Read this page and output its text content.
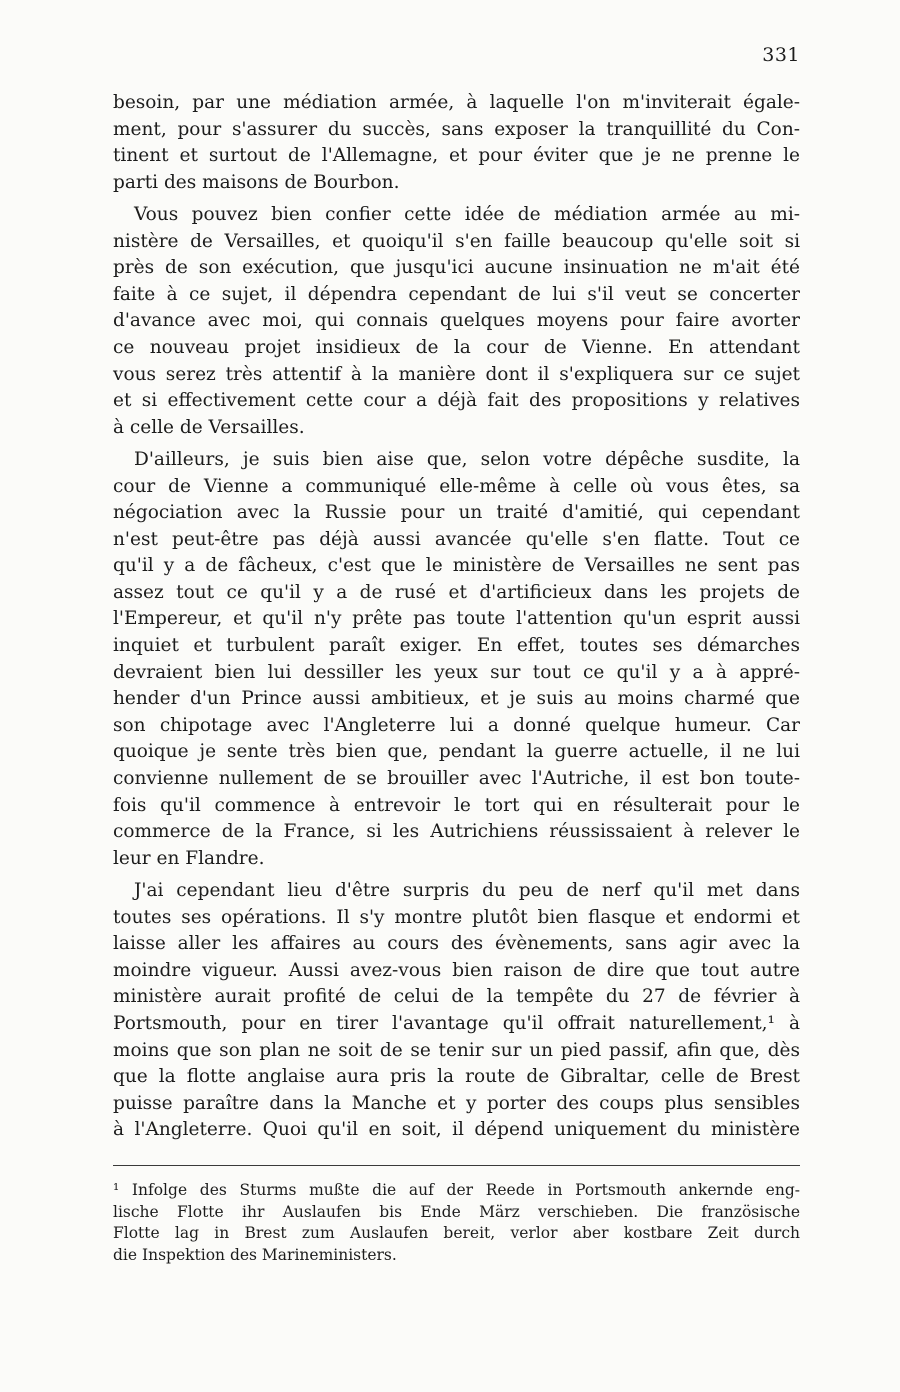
331
besoin, par une médiation armée, à laquelle l'on m'inviterait égale-
ment, pour s'assurer du succès, sans exposer la tranquillité du Con-
tinent et surtout de l'Allemagne, et pour éviter que je ne prenne le
parti des maisons de Bourbon.
Vous pouvez bien confier cette idée de médiation armée au mi-
nistère de Versailles, et quoiqu'il s'en faille beaucoup qu'elle soit si
près de son exécution, que jusqu'ici aucune insinuation ne m'ait été
faite à ce sujet, il dépendra cependant de lui s'il veut se concerter
d'avance avec moi, qui connais quelques moyens pour faire avorter
ce nouveau projet insidieux de la cour de Vienne. En attendant
vous serez très attentif à la manière dont il s'expliquera sur ce sujet
et si effectivement cette cour a déjà fait des propositions y relatives
à celle de Versailles.
D'ailleurs, je suis bien aise que, selon votre dépêche susdite, la
cour de Vienne a communiqué elle-même à celle où vous êtes, sa
négociation avec la Russie pour un traité d'amitié, qui cependant
n'est peut-être pas déjà aussi avancée qu'elle s'en flatte. Tout ce
qu'il y a de fâcheux, c'est que le ministère de Versailles ne sent pas
assez tout ce qu'il y a de rusé et d'artificieux dans les projets de
l'Empereur, et qu'il n'y prête pas toute l'attention qu'un esprit aussi
inquiet et turbulent paraît exiger. En effet, toutes ses démarches
devraient bien lui dessiller les yeux sur tout ce qu'il y a à appré-
hender d'un Prince aussi ambitieux, et je suis au moins charmé que
son chipotage avec l'Angleterre lui a donné quelque humeur. Car
quoique je sente très bien que, pendant la guerre actuelle, il ne lui
convienne nullement de se brouiller avec l'Autriche, il est bon toute-
fois qu'il commence à entrevoir le tort qui en résulterait pour le
commerce de la France, si les Autrichiens réussissaient à relever le
leur en Flandre.
J'ai cependant lieu d'être surpris du peu de nerf qu'il met dans
toutes ses opérations. Il s'y montre plutôt bien flasque et endormi et
laisse aller les affaires au cours des évènements, sans agir avec la
moindre vigueur. Aussi avez-vous bien raison de dire que tout autre
ministère aurait profité de celui de la tempête du 27 de février à
Portsmouth, pour en tirer l'avantage qu'il offrait naturellement,¹ à
moins que son plan ne soit de se tenir sur un pied passif, afin que, dès
que la flotte anglaise aura pris la route de Gibraltar, celle de Brest
puisse paraître dans la Manche et y porter des coups plus sensibles
à l'Angleterre. Quoi qu'il en soit, il dépend uniquement du ministère
¹ Infolge des Sturms mußte die auf der Reede in Portsmouth ankernde eng-
lische Flotte ihr Auslaufen bis Ende März verschieben. Die französische
Flotte lag in Brest zum Auslaufen bereit, verlor aber kostbare Zeit durch
die Inspektion des Marineministers.
